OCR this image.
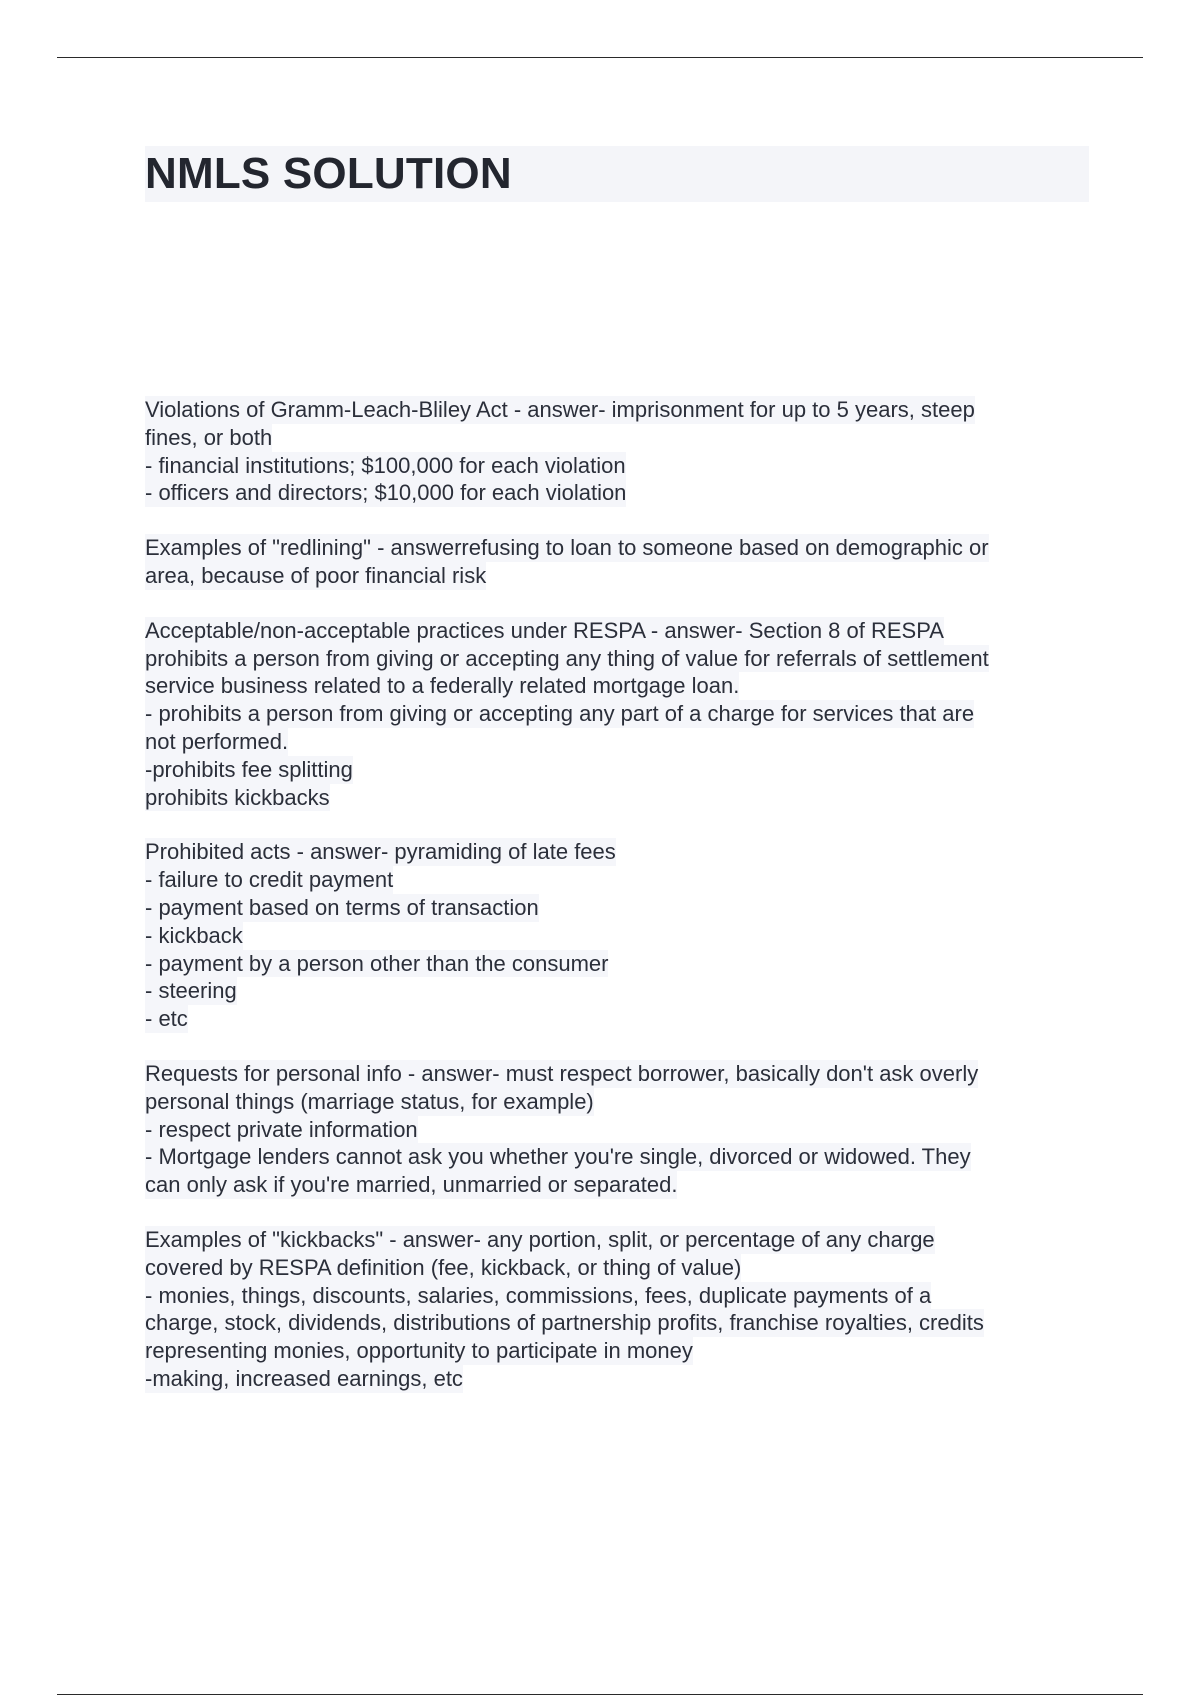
NMLS SOLUTION
Violations of Gramm-Leach-Bliley Act - answer- imprisonment for up to 5 years, steep
fines, or both
- financial institutions; $100,000 for each violation
- officers and directors; $10,000 for each violation
Examples of "redlining" - answerrefusing to loan to someone based on demographic or
area, because of poor financial risk
Acceptable/non-acceptable practices under RESPA - answer- Section 8 of RESPA
prohibits a person from giving or accepting any thing of value for referrals of settlement
service business related to a federally related mortgage loan.
- prohibits a person from giving or accepting any part of a charge for services that are
not performed.
-prohibits fee splitting
prohibits kickbacks
Prohibited acts - answer- pyramiding of late fees
- failure to credit payment
- payment based on terms of transaction
- kickback
- payment by a person other than the consumer
- steering
- etc
Requests for personal info - answer- must respect borrower, basically don't ask overly
personal things (marriage status, for example)
- respect private information
- Mortgage lenders cannot ask you whether you're single, divorced or widowed. They
can only ask if you're married, unmarried or separated.
Examples of "kickbacks" - answer- any portion, split, or percentage of any charge
covered by RESPA definition (fee, kickback, or thing of value)
- monies, things, discounts, salaries, commissions, fees, duplicate payments of a
charge, stock, dividends, distributions of partnership profits, franchise royalties, credits
representing monies, opportunity to participate in money
-making, increased earnings, etc
